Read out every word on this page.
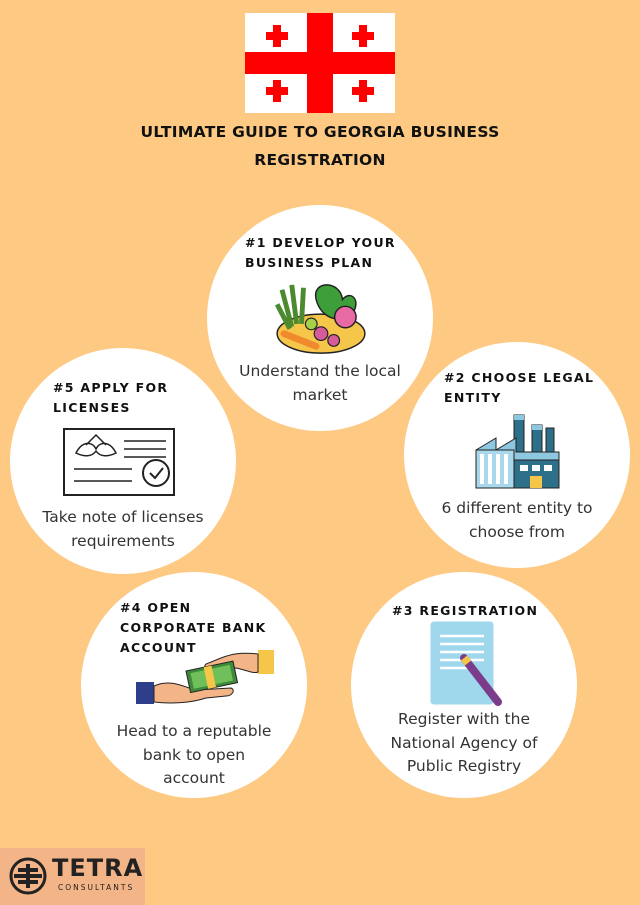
ULTIMATE GUIDE TO GEORGIA BUSINESS
REGISTRATION
#1 DEVELOP YOUR
BUSINESS PLAN
Understand the local
market
#2 CHOOSE LEGAL
ENTITY
6 different entity to
choose from
#3 REGISTRATION
Register with the
National Agency of
Public Registry
#4 OPEN
CORPORATE BANK
ACCOUNT
Head to a reputable
bank to open
account
#5 APPLY FOR
LICENSES
Take note of licenses
requirements
TETRA
CONSULTANTS
